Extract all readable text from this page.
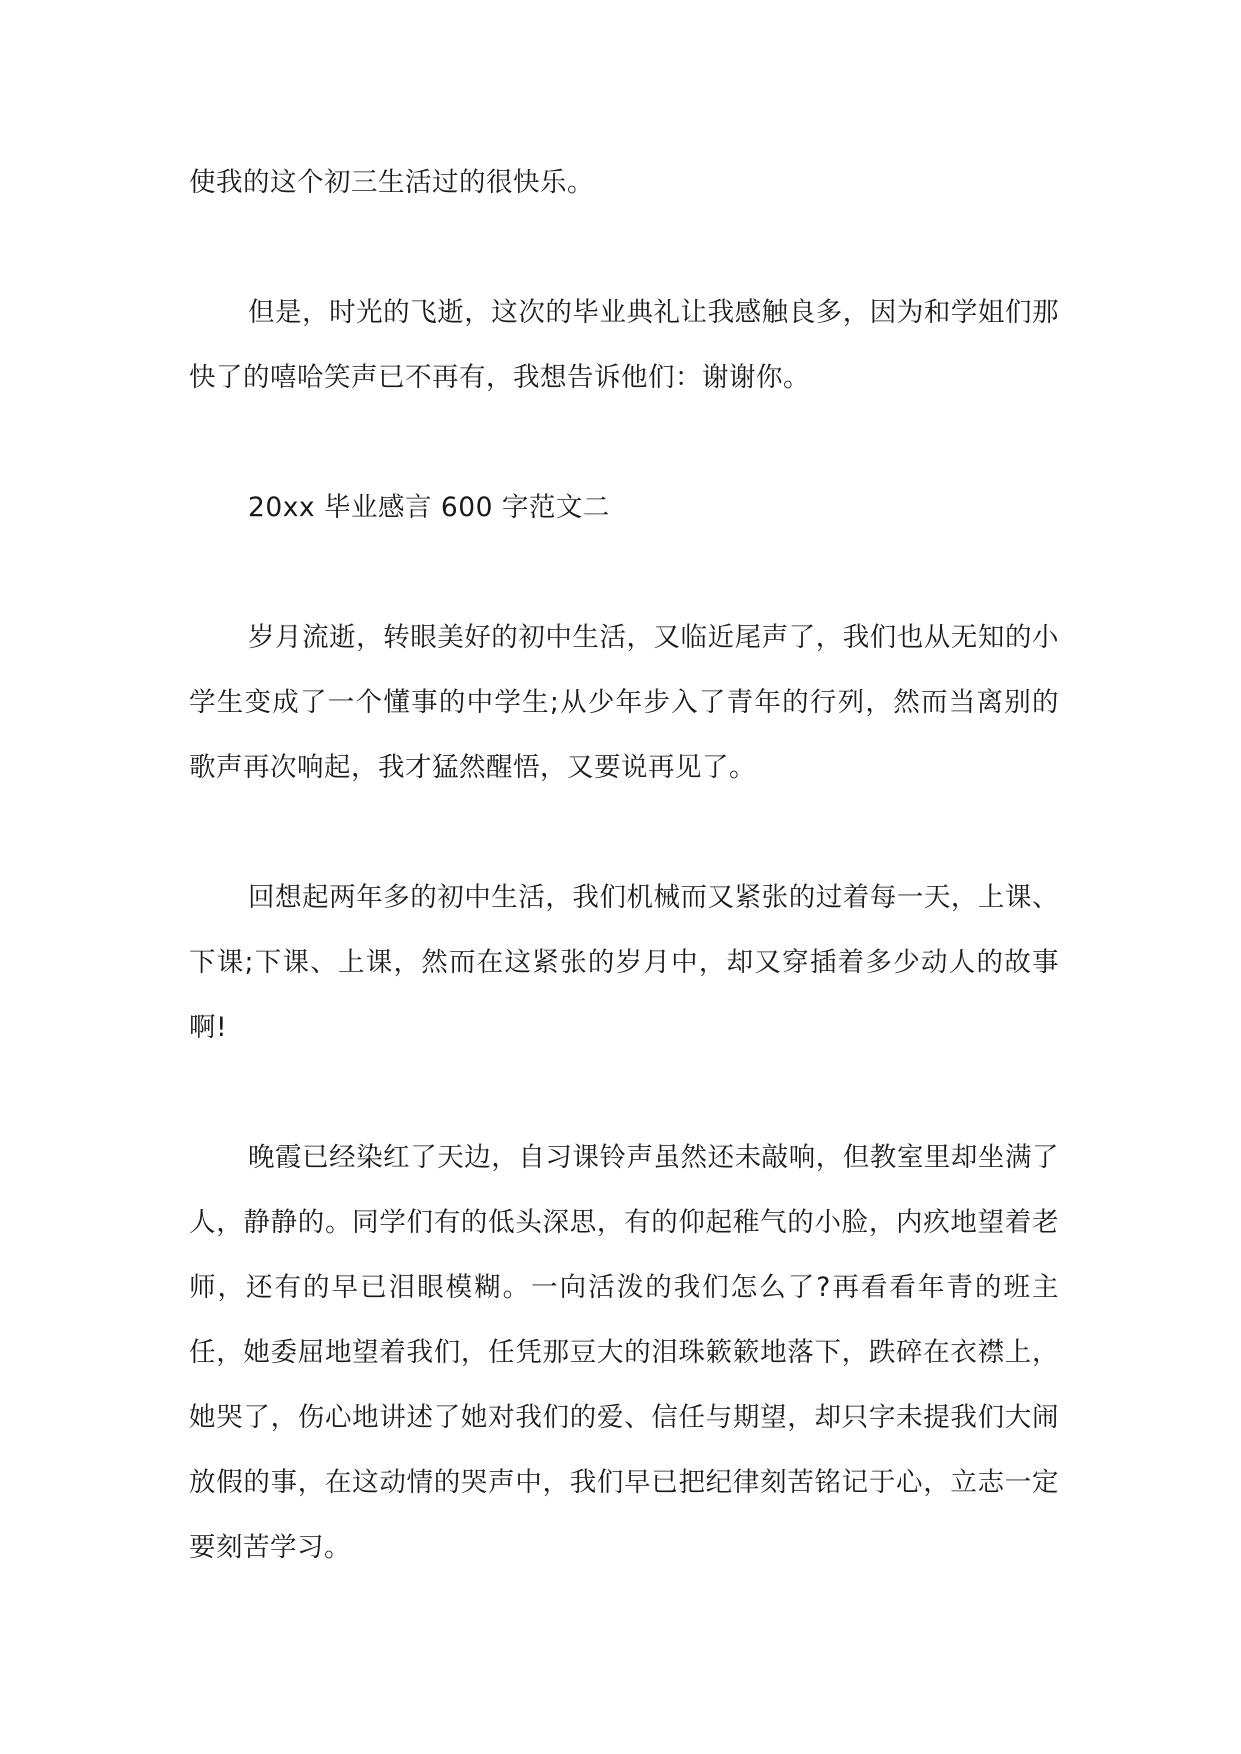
使我的这个初三生活过的很快乐。

但是，时光的飞逝，这次的毕业典礼让我感触良多，因为和学姐们那快了的嘻哈笑声已不再有，我想告诉他们：谢谢你。

20xx 毕业感言 600 字范文二

岁月流逝，转眼美好的初中生活，又临近尾声了，我们也从无知的小学生变成了一个懂事的中学生;从少年步入了青年的行列，然而当离别的歌声再次响起，我才猛然醒悟，又要说再见了。

回想起两年多的初中生活，我们机械而又紧张的过着每一天，上课、下课;下课、上课，然而在这紧张的岁月中，却又穿插着多少动人的故事啊!

晚霞已经染红了天边，自习课铃声虽然还未敲响，但教室里却坐满了人，静静的。同学们有的低头深思，有的仰起稚气的小脸，内疚地望着老师，还有的早已泪眼模糊。一向活泼的我们怎么了?再看看年青的班主任，她委屈地望着我们，任凭那豆大的泪珠簌簌地落下，跌碎在衣襟上，她哭了，伤心地讲述了她对我们的爱、信任与期望，却只字未提我们大闹放假的事，在这动情的哭声中，我们早已把纪律刻苦铭记于心，立志一定要刻苦学习。
